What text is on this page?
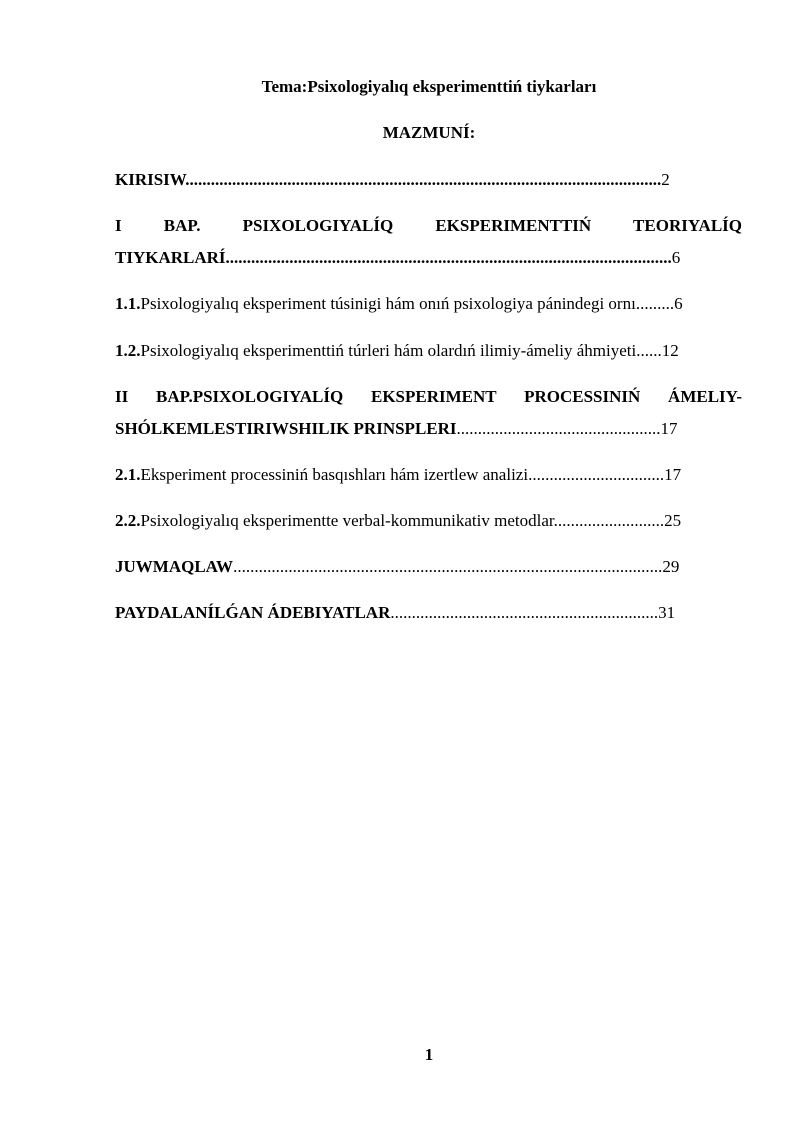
Tema:Psixologiyalıq eksperimenttiń tiykarları
MAZMUNÍ:
KIRISIW................................................................................................................2
I BAP. PSIXOLOGIYALÍQ EKSPERIMENTTIŃ TEORIYALÍQ
TIYKARLARÍ.........................................................................................................6
1.1.Psixologiyalıq eksperiment túsinigi hám onıń psixologiya pánindegi ornı.........6
1.2.Psixologiyalıq eksperimenttiń túrleri hám olardıń ilimiy-ámeliy áhmiyeti......12
II BAP.PSIXOLOGIYALÍQ EKSPERIMENT PROCESSINIŃ ÁMELIY-
SHÓLKEMLESTIRIWSHILIK PRINSPLERI................................................17
2.1.Eksperiment processiniń basqıshları hám izertlew analizi................................17
2.2.Psixologiyalıq eksperimentte verbal-kommunikativ metodlar..........................25
JUWMAQLAW.....................................................................................................29
PAYDALANÍLǴAN ÁDEBIYATLAR...............................................................31
1
